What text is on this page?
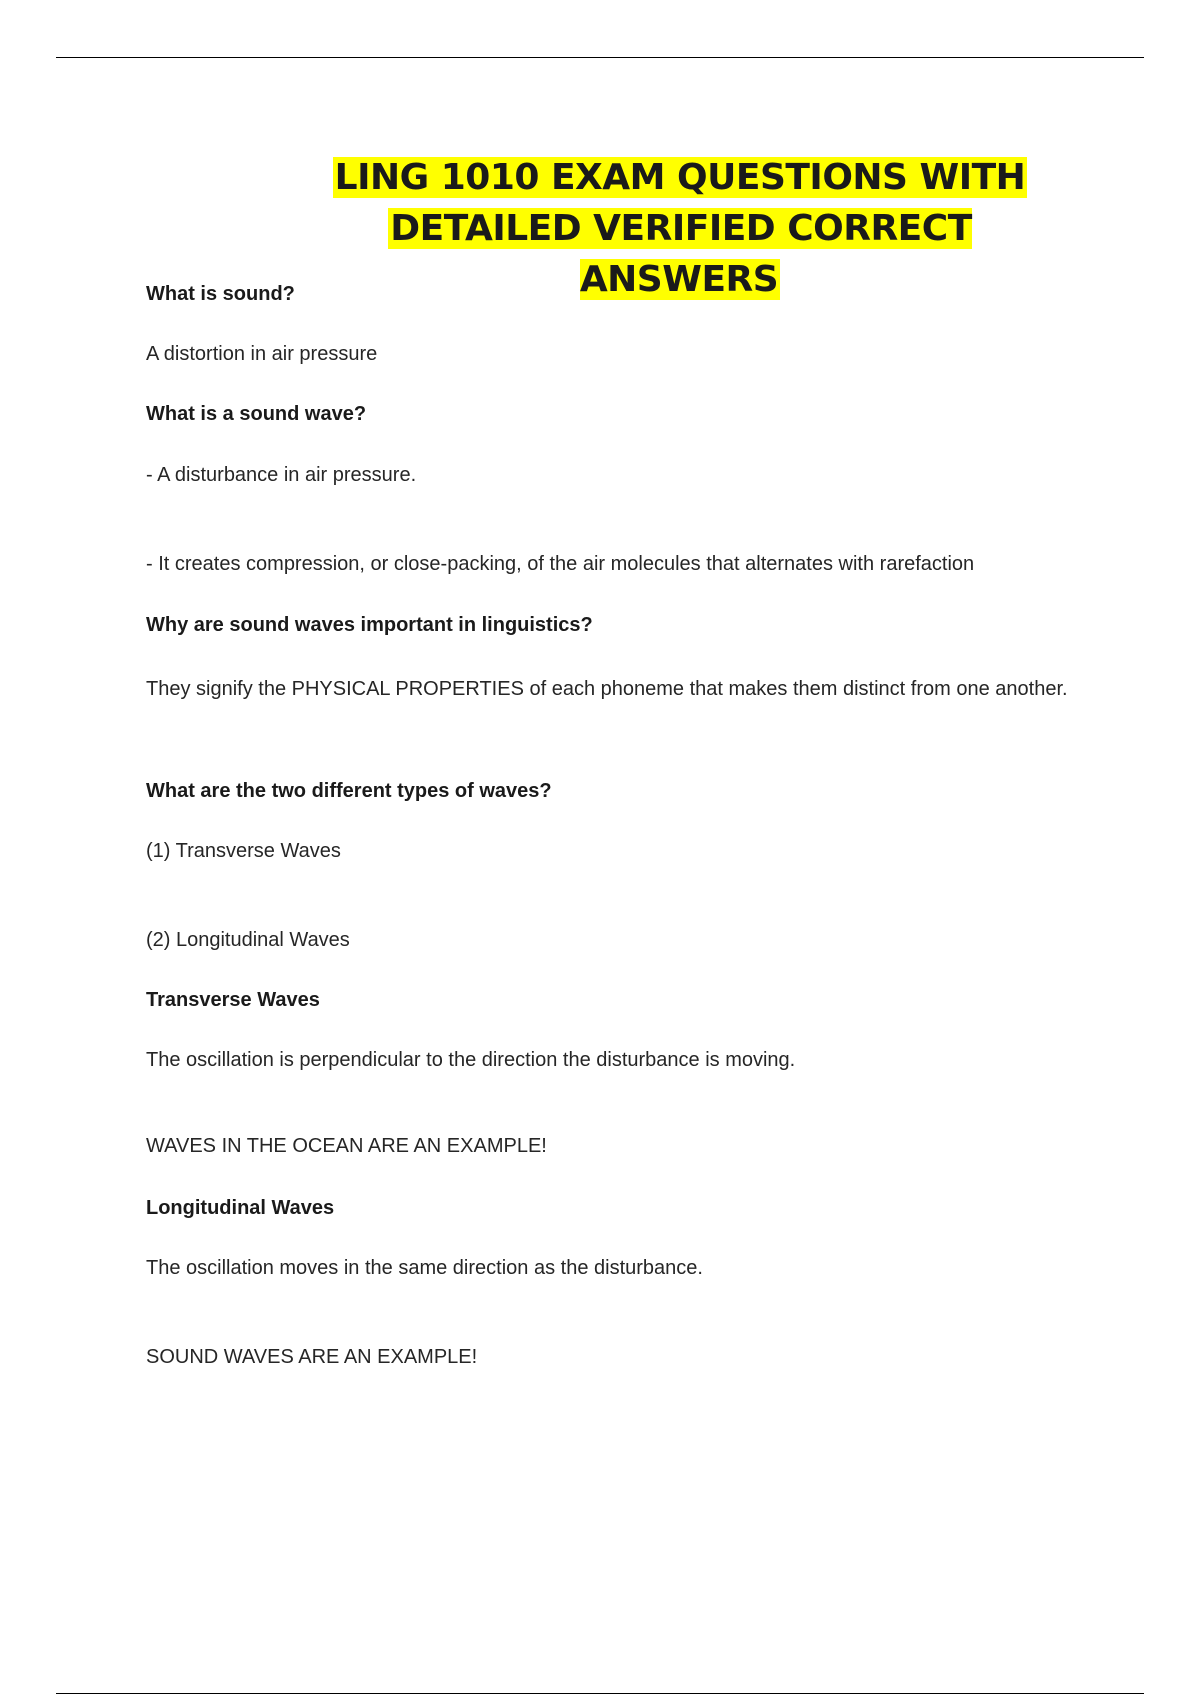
LING 1010 EXAM QUESTIONS WITH
DETAILED VERIFIED CORRECT ANSWERS
What is sound?
A distortion in air pressure
What is a sound wave?
- A disturbance in air pressure.
- It creates compression, or close-packing, of the air molecules that alternates with rarefaction
Why are sound waves important in linguistics?
They signify the PHYSICAL PROPERTIES of each phoneme that makes them distinct from one another.
What are the two different types of waves?
(1) Transverse Waves
(2) Longitudinal Waves
Transverse Waves
The oscillation is perpendicular to the direction the disturbance is moving.
WAVES IN THE OCEAN ARE AN EXAMPLE!
Longitudinal Waves
The oscillation moves in the same direction as the disturbance.
SOUND WAVES ARE AN EXAMPLE!
